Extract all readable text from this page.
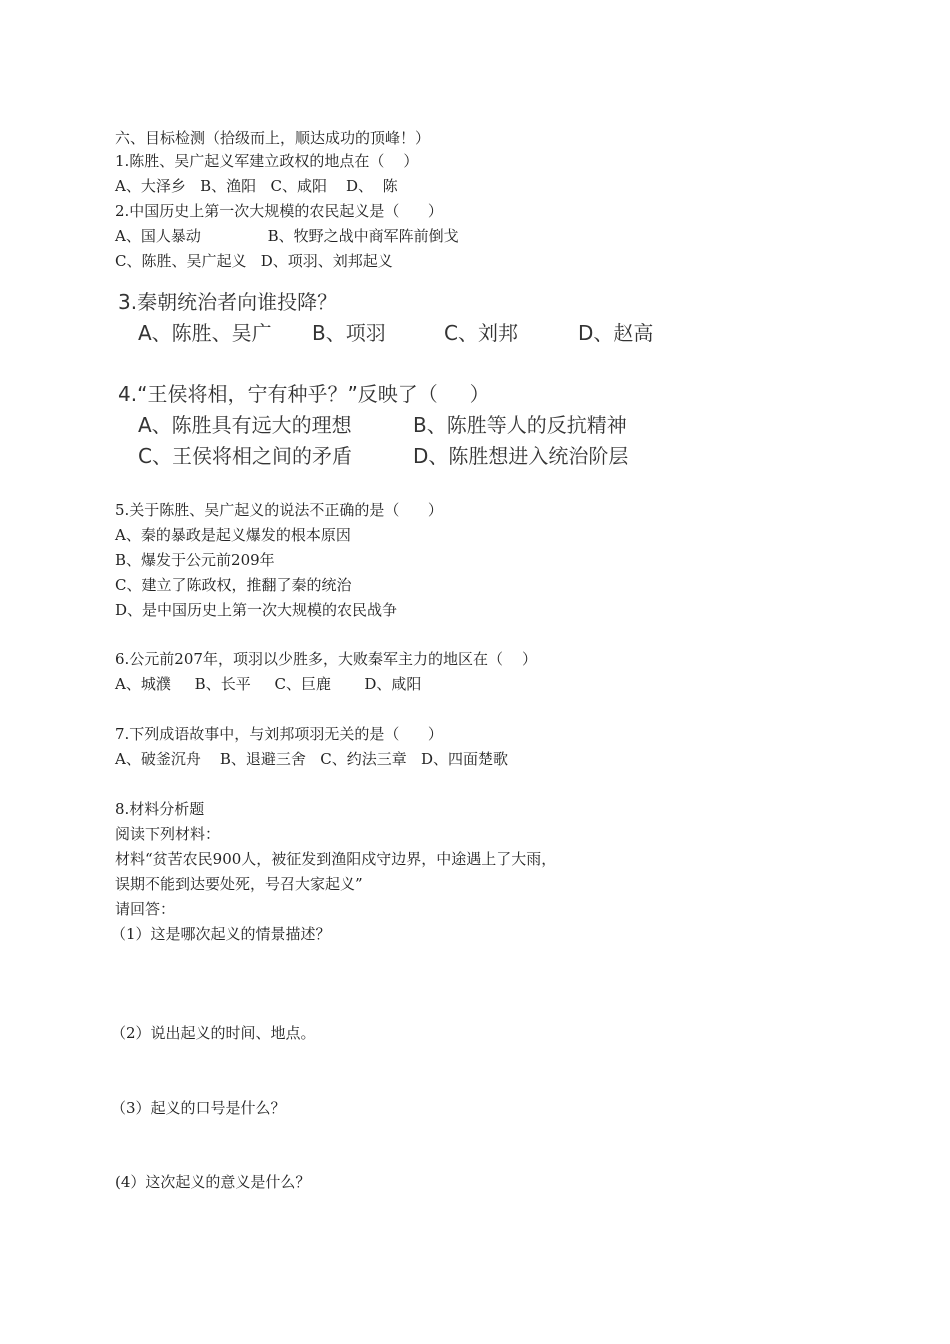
六、目标检测（拾级而上，顺达成功的顶峰！）
1.陈胜、吴广起义军建立政权的地点在（    ）
A、大泽乡   B、渔阳   C、咸阳    D、  陈
2.中国历史上第一次大规模的农民起义是（      ）
A、国人暴动              B、牧野之战中商军阵前倒戈
C、陈胜、吴广起义   D、项羽、刘邦起义
3.秦朝统治者向谁投降？
A、陈胜、吴广 B、项羽	C、刘邦	D、赵高
4.“王侯将相，宁有种乎？”反映了（     ）
A、陈胜具有远大的理想	B、陈胜等人的反抗精神
C、王侯将相之间的矛盾	D、陈胜想进入统治阶层
5.关于陈胜、吴广起义的说法不正确的是（      ）
A、秦的暴政是起义爆发的根本原因
B、爆发于公元前209年
C、建立了陈政权，推翻了秦的统治
D、是中国历史上第一次大规模的农民战争
6.公元前207年，项羽以少胜多，大败秦军主力的地区在（    ）
A、城濮     B、长平     C、巨鹿       D、咸阳
7.下列成语故事中，与刘邦项羽无关的是（      ）
A、破釜沉舟    B、退避三舍   C、约法三章   D、四面楚歌
8.材料分析题
阅读下列材料：
材料“贫苦农民900人，被征发到渔阳戍守边界，中途遇上了大雨，
误期不能到达要处死，号召大家起义”
请回答：
（1）这是哪次起义的情景描述？
（2）说出起义的时间、地点。
（3）起义的口号是什么？
(4）这次起义的意义是什么？
